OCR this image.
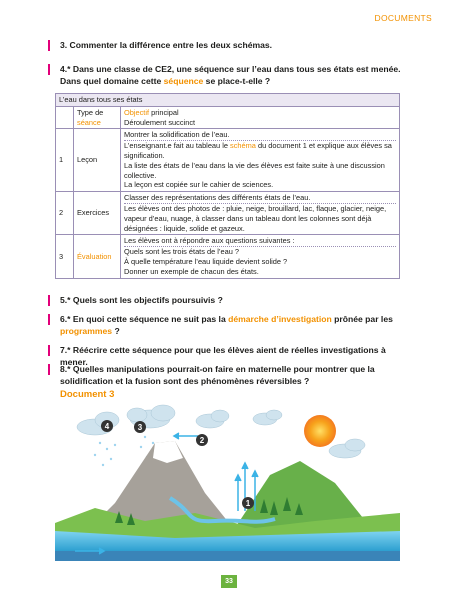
DOCUMENTS
3. Commenter la différence entre les deux schémas.
4.* Dans une classe de CE2, une séquence sur l’eau dans tous ses états est menée. Dans quel domaine cette séquence se place-t-elle ?
L’eau dans tous ses états		
	Type de
séance	Objectif principal
Déroulement succinct
1	Leçon	Montrer la solidification de l’eau.
L’enseignant.e fait au tableau le schéma du document 1 et explique aux élèves sa signification.
La liste des états de l’eau dans la vie des élèves est faite suite à une discussion collective.
La leçon est copiée sur le cahier de sciences.
2	Exercices	Classer des représentations des différents états de l’eau.
Les élèves ont des photos de : pluie, neige, brouillard, lac, flaque, glacier, neige, vapeur d’eau, nuage, à classer dans un tableau dont les colonnes sont déjà désignées : liquide, solide et gazeux.
3	Évaluation	Les élèves ont à répondre aux questions suivantes :
Quels sont les trois états de l’eau ?
À quelle température l’eau liquide devient solide ?
Donner un exemple de chacun des états.
5.* Quels sont les objectifs poursuivis ?
6.* En quoi cette séquence ne suit pas la démarche d’investigation prônée par les programmes ?
7.* Réécrire cette séquence pour que les élèves aient de réelles investigations à mener.
8.* Quelles manipulations pourrait-on faire en maternelle pour montrer que la solidification et la fusion sont des phénomènes réversibles ?
Document 3
4	3
2
1
33
